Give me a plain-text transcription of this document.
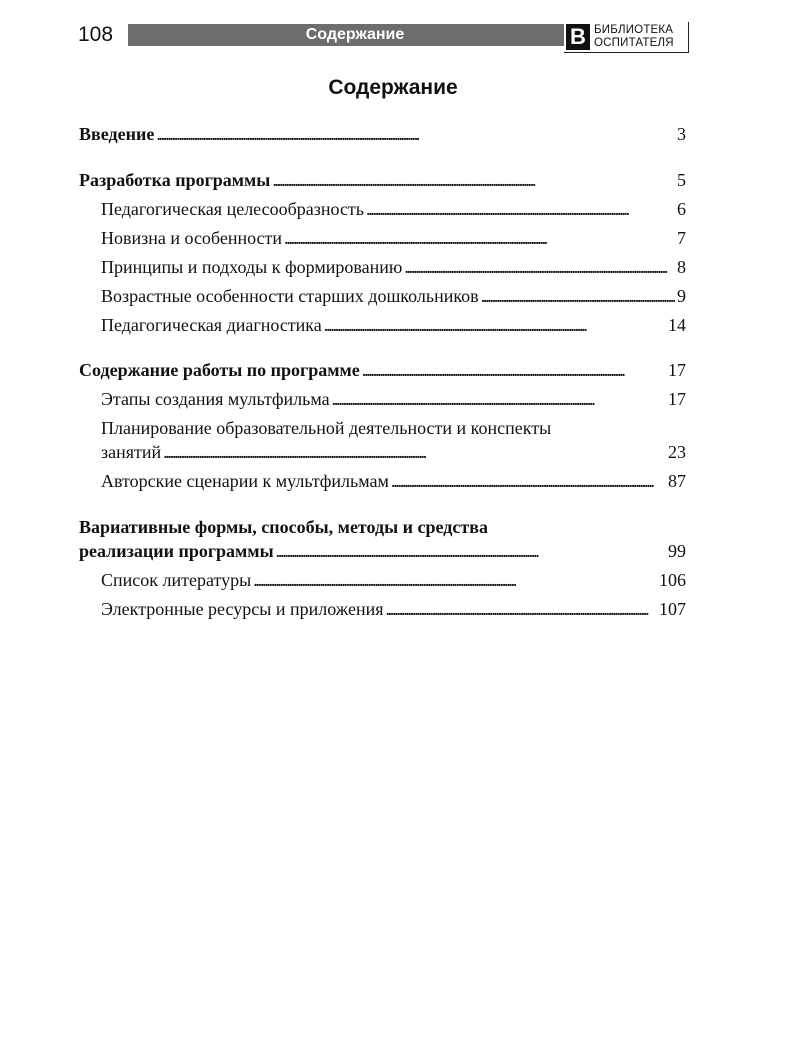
108	Содержание	В БИБЛИОТЕКА
ОСПИТАТЕЛЯ
Содержание
Введение . . .	3
Разработка программы . . .	5
Педагогическая целесообразность . . .	6
Новизна и особенности . . .	7
Принципы и подходы к формированию . . .	8
Возрастные особенности старших дошкольников . . .	9
Педагогическая диагностика . . .	14
Содержание работы по программе . . .	17
Этапы создания мультфильма . . .	17
Планирование образовательной деятельности и конспекты
занятий . . .	23
Авторские сценарии к мультфильмам . . .	87
Вариативные формы, способы, методы и средства
реализации программы . . .	99
Список литературы . . .	106
Электронные ресурсы и приложения . . .	107
